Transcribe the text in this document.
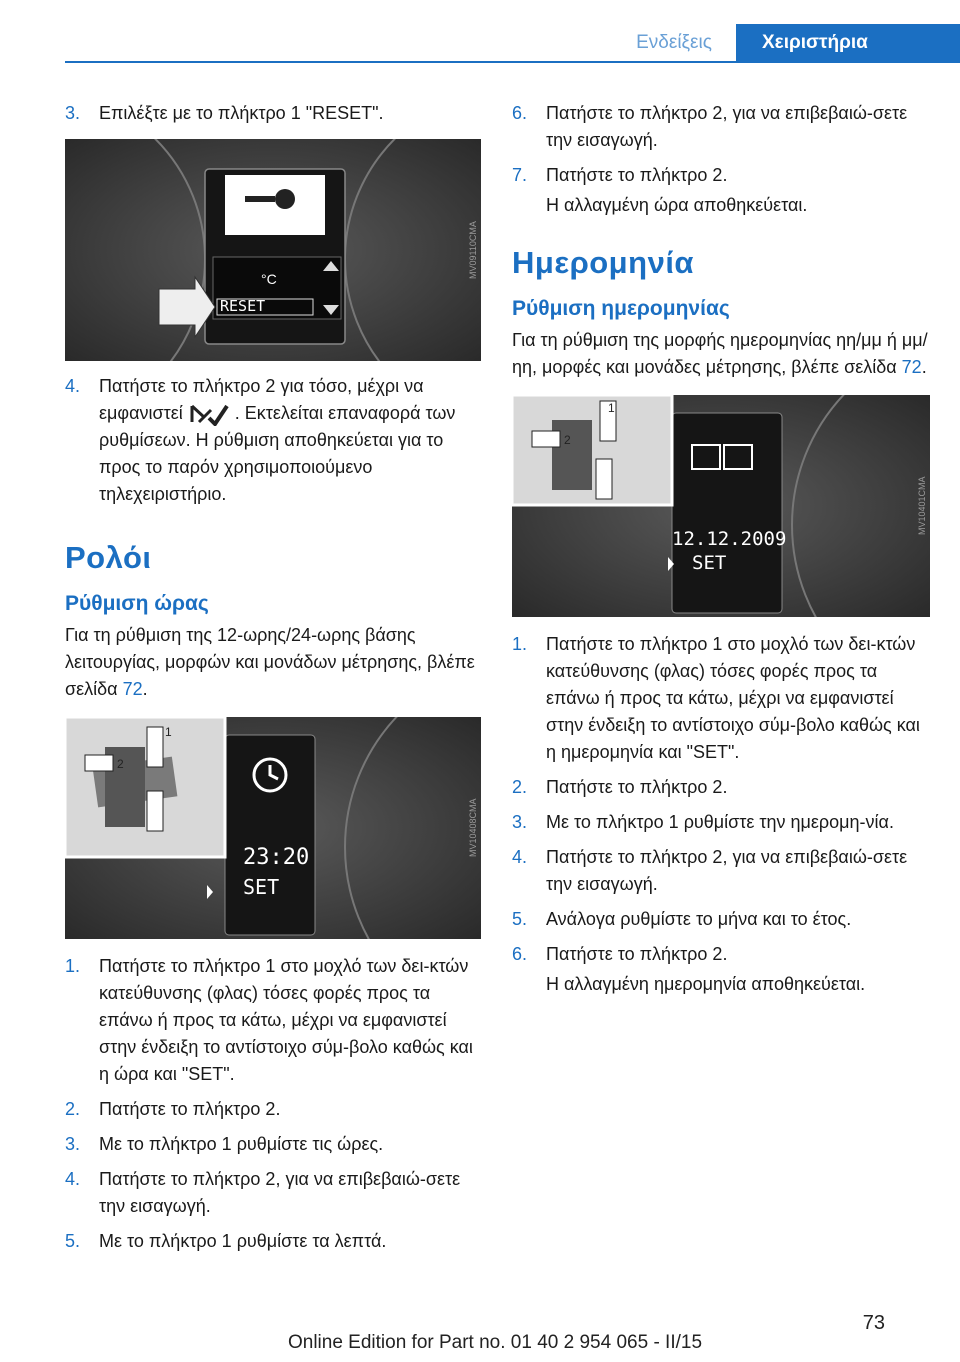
Ενδείξεις	Χειριστήρια
3. Επιλέξτε με το πλήκτρο 1 "RESET".
RESET
°C
MV09110CMA
4. Πατήστε το πλήκτρο 2 για τόσο, μέχρι να εμφανιστεί	. Εκτελείται επαναφορά των ρυθμίσεων. Η ρύθμιση αποθηκεύεται για το προς το παρόν χρησιμοποιούμενο τηλεχειριστήριο.
Ρολόι
Ρύθμιση ώρας

Για τη ρύθμιση της 12-ωρης/24-ωρης βάσης λειτουργίας, μορφών και μονάδων μέτρησης, βλέπε σελίδα 72.

23:20
SET
1
2
MV10408CMA
1. Πατήστε το πλήκτρο 1 στο μοχλό των δει-κτών κατεύθυνσης (φλας) τόσες φορές προς τα επάνω ή προς τα κάτω, μέχρι να εμφανιστεί στην ένδειξη το αντίστοιχο σύμ-βολο καθώς και η ώρα και "SET".
2. Πατήστε το πλήκτρο 2.
3. Με το πλήκτρο 1 ρυθμίστε τις ώρες.
4. Πατήστε το πλήκτρο 2, για να επιβεβαιώ-σετε την εισαγωγή.
5. Με το πλήκτρο 1 ρυθμίστε τα λεπτά.
6. Πατήστε το πλήκτρο 2, για να επιβεβαιώ-σετε την εισαγωγή.
7. Πατήστε το πλήκτρο 2.
Η αλλαγμένη ώρα αποθηκεύεται.
Ημερομηνία
Ρύθμιση ημερομηνίας

Για τη ρύθμιση της μορφής ημερομηνίας ηη/μμ ή μμ/ηη, μορφές και μονάδες μέτρησης, βλέπε σελίδα 72.

12.12.2009
SET
1
2
MV10401CMA
1. Πατήστε το πλήκτρο 1 στο μοχλό των δει-κτών κατεύθυνσης (φλας) τόσες φορές προς τα επάνω ή προς τα κάτω, μέχρι να εμφανιστεί στην ένδειξη το αντίστοιχο σύμ-βολο καθώς και η ημερομηνία και "SET".
2. Πατήστε το πλήκτρο 2.
3. Με το πλήκτρο 1 ρυθμίστε την ημερομη-νία.
4. Πατήστε το πλήκτρο 2, για να επιβεβαιώ-σετε την εισαγωγή.
5. Ανάλογα ρυθμίστε το μήνα και το έτος.
6. Πατήστε το πλήκτρο 2.
Η αλλαγμένη ημερομηνία αποθηκεύεται.
73
Online Edition for Part no. 01 40 2 954 065 - II/15
